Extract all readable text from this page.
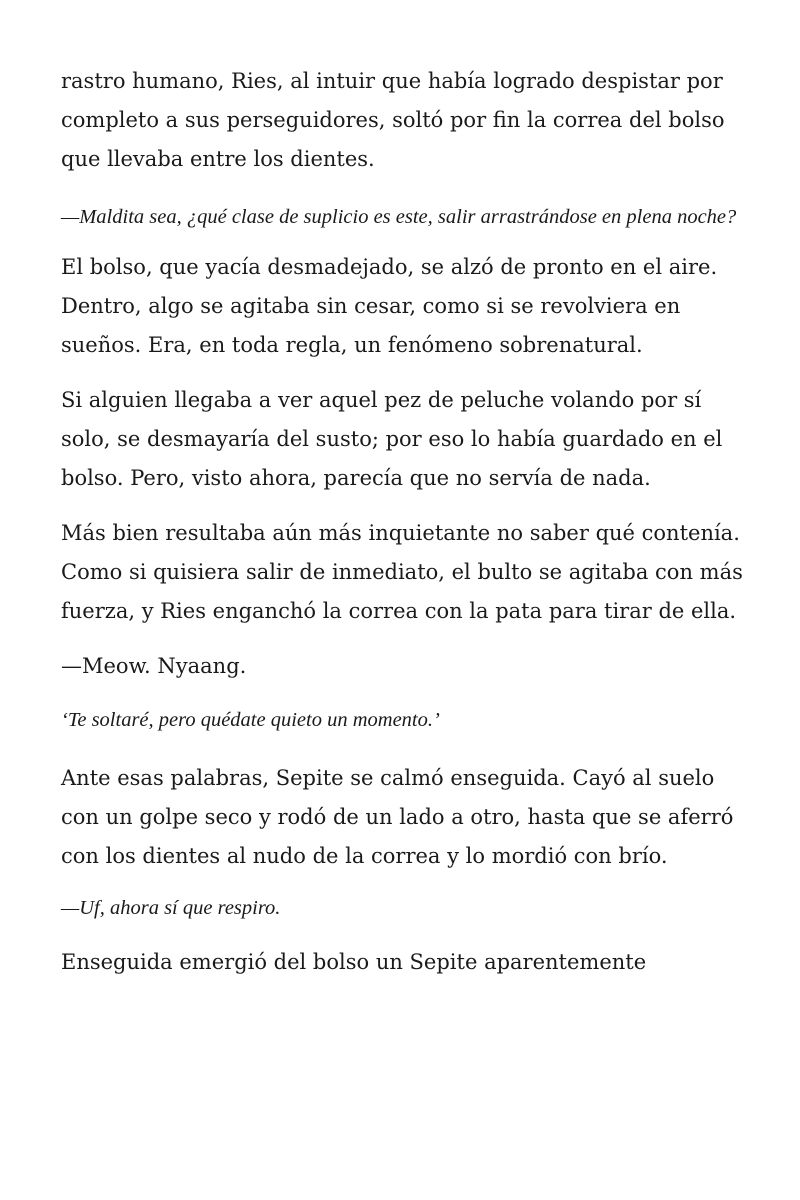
rastro humano, Ries, al intuir que había logrado despistar por completo a sus perseguidores, soltó por fin la correa del bolso que llevaba entre los dientes.

—Maldita sea, ¿qué clase de suplicio es este, salir arrastrándose en plena noche?

El bolso, que yacía desmadejado, se alzó de pronto en el aire. Dentro, algo se agitaba sin cesar, como si se revolviera en sueños. Era, en toda regla, un fenómeno sobrenatural.

Si alguien llegaba a ver aquel pez de peluche volando por sí solo, se desmayaría del susto; por eso lo había guardado en el bolso. Pero, visto ahora, parecía que no servía de nada.

Más bien resultaba aún más inquietante no saber qué contenía. Como si quisiera salir de inmediato, el bulto se agitaba con más fuerza, y Ries enganchó la correa con la pata para tirar de ella.

—Meow. Nyaang.

‘Te soltaré, pero quédate quieto un momento.’

Ante esas palabras, Sepite se calmó enseguida. Cayó al suelo con un golpe seco y rodó de un lado a otro, hasta que se aferró con los dientes al nudo de la correa y lo mordió con brío.

—Uf, ahora sí que respiro.

Enseguida emergió del bolso un Sepite aparentemente
